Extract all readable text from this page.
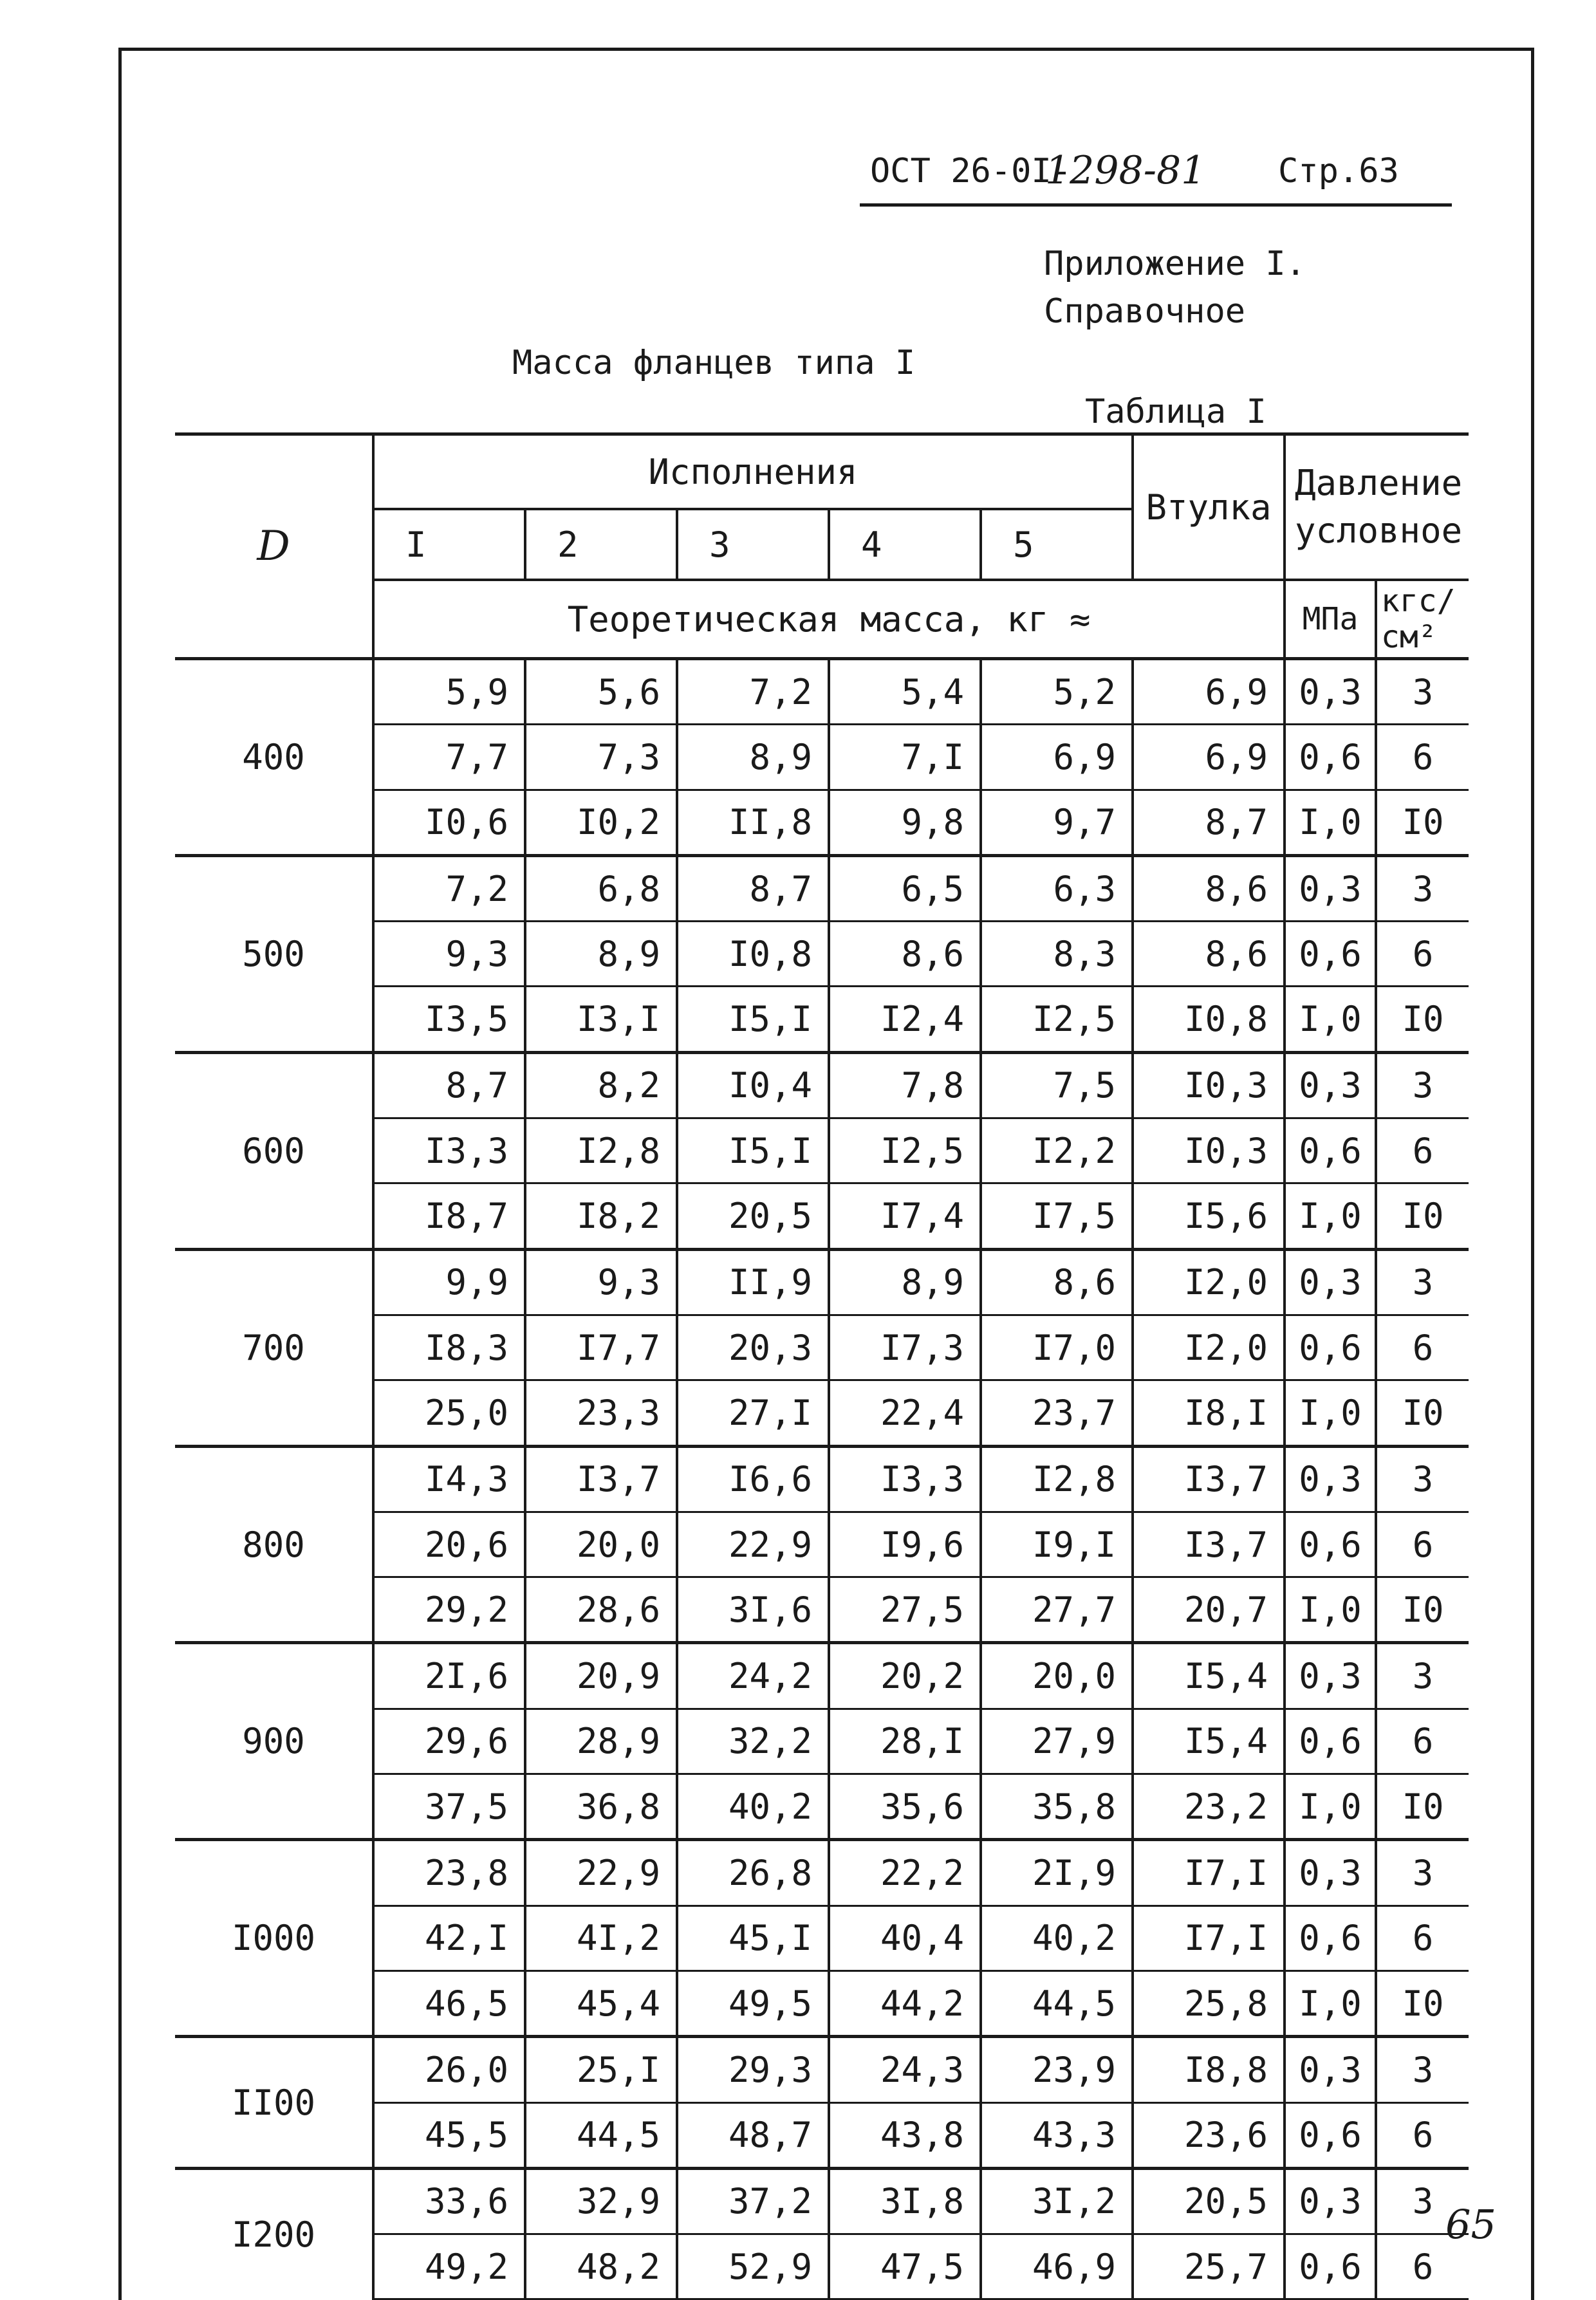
ОСТ 26-0I-
1298-81 Стр.63
Приложение I.
Справочное
Масса фланцев типа I
Таблица I
D	Исполнения					Втулка	Давление
условное	
	I	2	3	4	5			
	Теоретическая масса, кг ≈						МПа	кгс/см²
400	5,9	5,6	7,2	5,4	5,2	6,9	0,3	3
	7,7	7,3	8,9	7,I	6,9	6,9	0,6	6
	I0,6	I0,2	II,8	9,8	9,7	8,7	I,0	I0
500	7,2	6,8	8,7	6,5	6,3	8,6	0,3	3
	9,3	8,9	I0,8	8,6	8,3	8,6	0,6	6
	I3,5	I3,I	I5,I	I2,4	I2,5	I0,8	I,0	I0
600	8,7	8,2	I0,4	7,8	7,5	I0,3	0,3	3
	I3,3	I2,8	I5,I	I2,5	I2,2	I0,3	0,6	6
	I8,7	I8,2	20,5	I7,4	I7,5	I5,6	I,0	I0
700	9,9	9,3	II,9	8,9	8,6	I2,0	0,3	3
	I8,3	I7,7	20,3	I7,3	I7,0	I2,0	0,6	6
	25,0	23,3	27,I	22,4	23,7	I8,I	I,0	I0
800	I4,3	I3,7	I6,6	I3,3	I2,8	I3,7	0,3	3
	20,6	20,0	22,9	I9,6	I9,I	I3,7	0,6	6
	29,2	28,6	3I,6	27,5	27,7	20,7	I,0	I0
900	2I,6	20,9	24,2	20,2	20,0	I5,4	0,3	3
	29,6	28,9	32,2	28,I	27,9	I5,4	0,6	6
	37,5	36,8	40,2	35,6	35,8	23,2	I,0	I0
I000	23,8	22,9	26,8	22,2	2I,9	I7,I	0,3	3
	42,I	4I,2	45,I	40,4	40,2	I7,I	0,6	6
	46,5	45,4	49,5	44,2	44,5	25,8	I,0	I0
II00	26,0	25,I	29,3	24,3	23,9	I8,8	0,3	3
	45,5	44,5	48,7	43,8	43,3	23,6	0,6	6
I200	33,6	32,9	37,2	3I,8	3I,2	20,5	0,3	3
	49,2	48,2	52,9	47,5	46,9	25,7	0,6	6
65
